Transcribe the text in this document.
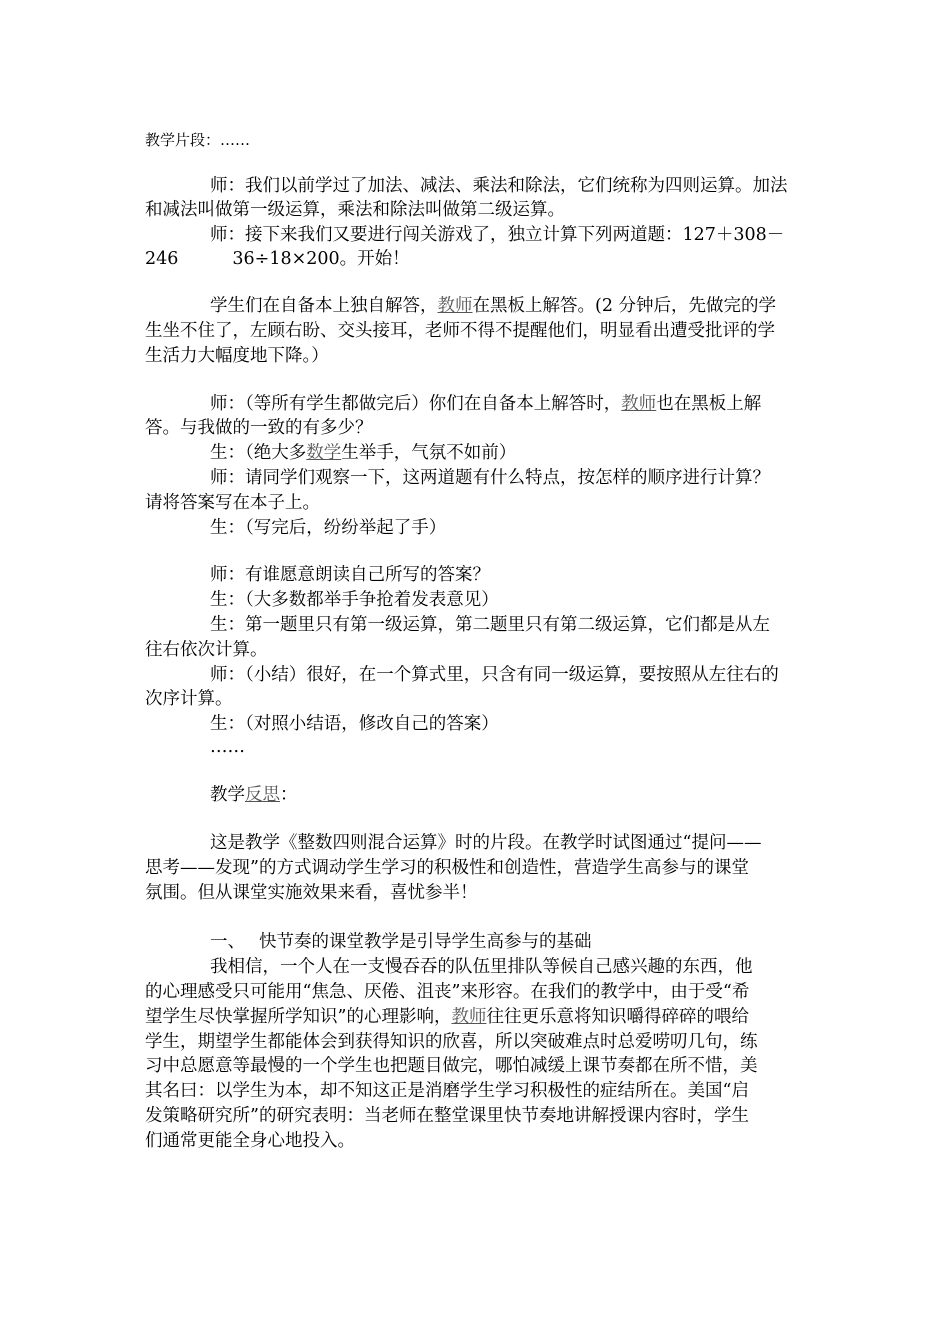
教学片段：……
师：我们以前学过了加法、减法、乘法和除法，它们统称为四则运算。加法
和减法叫做第一级运算，乘法和除法叫做第二级运算。
师：接下来我们又要进行闯关游戏了，独立计算下列两道题：127＋308－
246	36÷18×200。开始！
学生们在自备本上独自解答，教师在黑板上解答。(2 分钟后，先做完的学
生坐不住了，左顾右盼、交头接耳，老师不得不提醒他们，明显看出遭受批评的学
生活力大幅度地下降。）
师：（等所有学生都做完后）你们在自备本上解答时，教师也在黑板上解
答。与我做的一致的有多少？
生：（绝大多数学生举手，气氛不如前）
师：请同学们观察一下，这两道题有什么特点，按怎样的顺序进行计算？
请将答案写在本子上。
生：（写完后，纷纷举起了手）
师：有谁愿意朗读自己所写的答案？
生：（大多数都举手争抢着发表意见）
生：第一题里只有第一级运算，第二题里只有第二级运算，它们都是从左
往右依次计算。
师：（小结）很好，在一个算式里，只含有同一级运算，要按照从左往右的
次序计算。
生：（对照小结语，修改自己的答案）
……
教学反思：
这是教学《整数四则混合运算》时的片段。在教学时试图通过“提问——
思考——发现”的方式调动学生学习的积极性和创造性，营造学生高参与的课堂
氛围。但从课堂实施效果来看，喜忧参半！
一、 快节奏的课堂教学是引导学生高参与的基础
我相信，一个人在一支慢吞吞的队伍里排队等候自己感兴趣的东西，他
的心理感受只可能用“焦急、厌倦、沮丧”来形容。在我们的教学中，由于受“希
望学生尽快掌握所学知识”的心理影响，教师往往更乐意将知识嚼得碎碎的喂给
学生，期望学生都能体会到获得知识的欣喜，所以突破难点时总爱唠叨几句，练
习中总愿意等最慢的一个学生也把题目做完，哪怕减缓上课节奏都在所不惜，美
其名曰：以学生为本，却不知这正是消磨学生学习积极性的症结所在。美国“启
发策略研究所”的研究表明：当老师在整堂课里快节奏地讲解授课内容时，学生
们通常更能全身心地投入。
